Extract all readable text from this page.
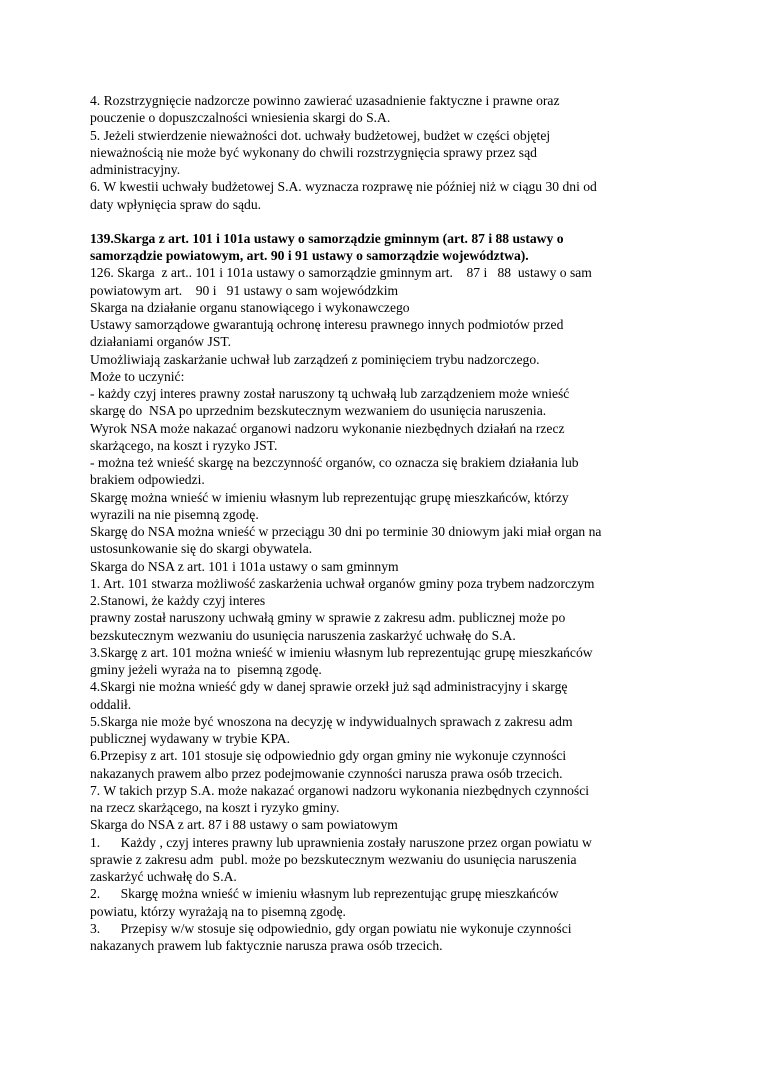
4. Rozstrzygnięcie nadzorcze powinno zawierać uzasadnienie faktyczne i prawne oraz
pouczenie o dopuszczalności wniesienia skargi do S.A.
5. Jeżeli stwierdzenie nieważności dot. uchwały budżetowej, budżet w części objętej
nieważnością nie może być wykonany do chwili rozstrzygnięcia sprawy przez sąd
administracyjny.
6. W kwestii uchwały budżetowej S.A. wyznacza rozprawę nie później niż w ciągu 30 dni od
daty wpłynięcia spraw do sądu.
139.Skarga z art. 101 i 101a ustawy o samorządzie gminnym (art. 87 i 88 ustawy o
samorządzie powiatowym, art. 90 i 91 ustawy o samorządzie województwa).
126. Skarga  z art.. 101 i 101a ustawy o samorządzie gminnym art.    87 i   88  ustawy o sam
powiatowym art.    90 i   91 ustawy o sam wojewódzkim
Skarga na działanie organu stanowiącego i wykonawczego
Ustawy samorządowe gwarantują ochronę interesu prawnego innych podmiotów przed
działaniami organów JST.
Umożliwiają zaskarżanie uchwał lub zarządzeń z pominięciem trybu nadzorczego.
Może to uczynić:
- każdy czyj interes prawny został naruszony tą uchwałą lub zarządzeniem może wnieść
skargę do  NSA po uprzednim bezskutecznym wezwaniem do usunięcia naruszenia.
Wyrok NSA może nakazać organowi nadzoru wykonanie niezbędnych działań na rzecz
skarżącego, na koszt i ryzyko JST.
- można też wnieść skargę na bezczynność organów, co oznacza się brakiem działania lub
brakiem odpowiedzi.
Skargę można wnieść w imieniu własnym lub reprezentując grupę mieszkańców, którzy
wyrazili na nie pisemną zgodę.
Skargę do NSA można wnieść w przeciągu 30 dni po terminie 30 dniowym jaki miał organ na
ustosunkowanie się do skargi obywatela.
Skarga do NSA z art. 101 i 101a ustawy o sam gminnym
1. Art. 101 stwarza możliwość zaskarżenia uchwał organów gminy poza trybem nadzorczym
2.Stanowi, że każdy czyj interes
prawny został naruszony uchwałą gminy w sprawie z zakresu adm. publicznej może po
bezskutecznym wezwaniu do usunięcia naruszenia zaskarżyć uchwałę do S.A.
3.Skargę z art. 101 można wnieść w imieniu własnym lub reprezentując grupę mieszkańców
gminy jeżeli wyraża na to  pisemną zgodę.
4.Skargi nie można wnieść gdy w danej sprawie orzekł już sąd administracyjny i skargę
oddalił.
5.Skarga nie może być wnoszona na decyzję w indywidualnych sprawach z zakresu adm
publicznej wydawany w trybie KPA.
6.Przepisy z art. 101 stosuje się odpowiednio gdy organ gminy nie wykonuje czynności
nakazanych prawem albo przez podejmowanie czynności narusza prawa osób trzecich.
7. W takich przyp S.A. może nakazać organowi nadzoru wykonania niezbędnych czynności
na rzecz skarżącego, na koszt i ryzyko gminy.
Skarga do NSA z art. 87 i 88 ustawy o sam powiatowym
1.      Każdy , czyj interes prawny lub uprawnienia zostały naruszone przez organ powiatu w
sprawie z zakresu adm  publ. może po bezskutecznym wezwaniu do usunięcia naruszenia
zaskarżyć uchwałę do S.A.
2.      Skargę można wnieść w imieniu własnym lub reprezentując grupę mieszkańców
powiatu, którzy wyrażają na to pisemną zgodę.
3.      Przepisy w/w stosuje się odpowiednio, gdy organ powiatu nie wykonuje czynności
nakazanych prawem lub faktycznie narusza prawa osób trzecich.
